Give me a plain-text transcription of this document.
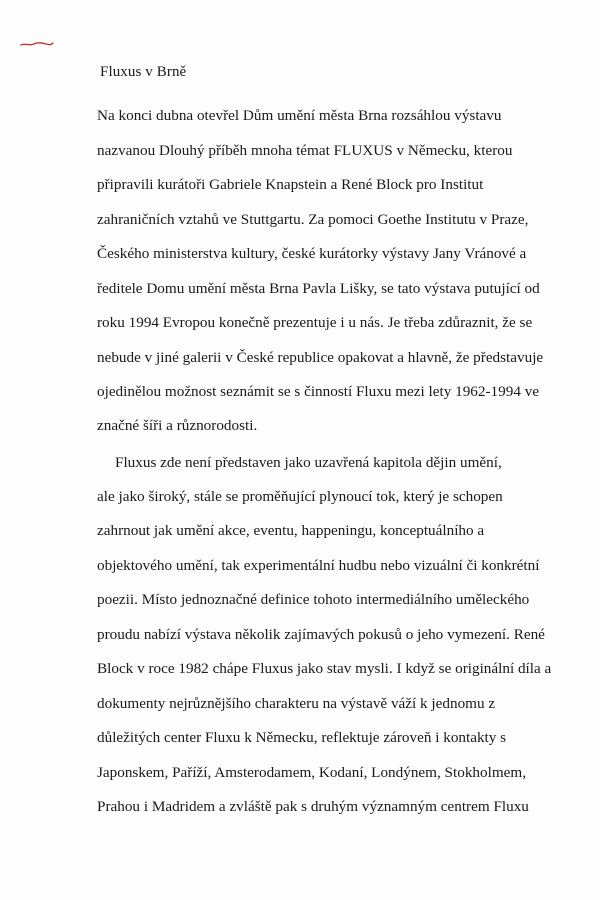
Fluxus v Brně
Na konci dubna otevřel Dům umění města Brna rozsáhlou výstavu
nazvanou Dlouhý příběh mnoha témat FLUXUS v Německu, kterou
připravili kurátoři Gabriele Knapstein a René Block pro Institut
zahraničních vztahů ve Stuttgartu. Za pomoci Goethe Institutu v Praze,
Českého ministerstva kultury, české kurátorky výstavy Jany Vránové a
ředitele Domu umění města Brna Pavla Lišky, se tato výstava putující od
roku 1994 Evropou konečně prezentuje i u nás. Je třeba zdůraznit, že se
nebude v jiné galerii v České republice opakovat a hlavně, že představuje
ojedinělou možnost seznámit se s činností Fluxu mezi lety 1962-1994 ve
značné šíři a různorodosti.
Fluxus zde není představen jako uzavřená kapitola dějin umění,
ale jako široký, stále se proměňující plynoucí tok, který je schopen
zahrnout jak umění akce, eventu, happeningu, konceptuálního a
objektového umění, tak experimentální hudbu nebo vizuální či konkrétní
poezii. Místo jednoznačné definice tohoto intermediálního uměleckého
proudu nabízí výstava několik zajímavých pokusů o jeho vymezení. René
Block v roce 1982 chápe Fluxus jako stav mysli. I když se originální díla a
dokumenty nejrůznějšího charakteru na výstavě váží k jednomu z
důležitých center Fluxu k Německu, reflektuje zároveň i kontakty s
Japonskem, Paříží, Amsterodamem, Kodaní, Londýnem, Stokholmem,
Prahou i Madridem a zvláště pak s druhým významným centrem Fluxu
